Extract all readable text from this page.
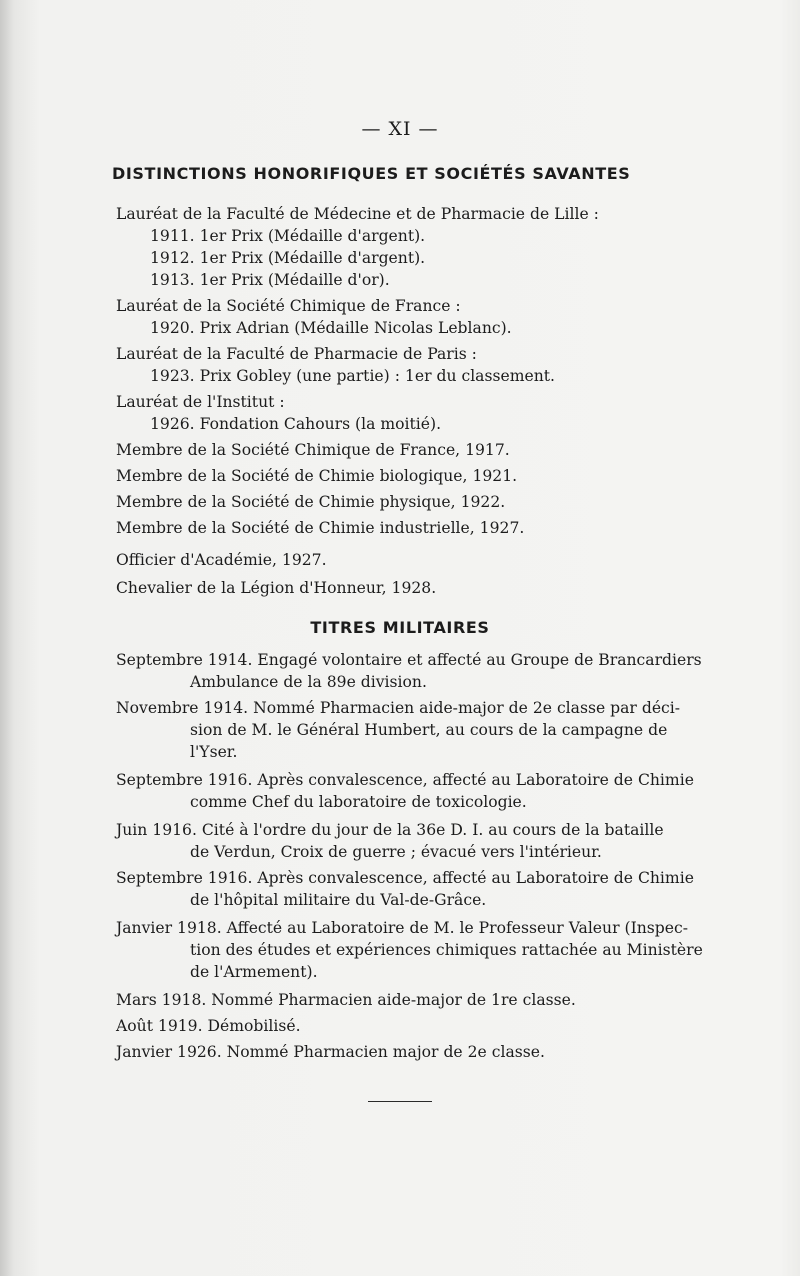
— XI —
DISTINCTIONS HONORIFIQUES ET SOCIÉTÉS SAVANTES
Lauréat de la Faculté de Médecine et de Pharmacie de Lille :
1911. 1er Prix (Médaille d'argent).
1912. 1er Prix (Médaille d'argent).
1913. 1er Prix (Médaille d'or).
Lauréat de la Société Chimique de France :
1920. Prix Adrian (Médaille Nicolas Leblanc).
Lauréat de la Faculté de Pharmacie de Paris :
1923. Prix Gobley (une partie) : 1er du classement.
Lauréat de l'Institut :
1926. Fondation Cahours (la moitié).
Membre de la Société Chimique de France, 1917.
Membre de la Société de Chimie biologique, 1921.
Membre de la Société de Chimie physique, 1922.
Membre de la Société de Chimie industrielle, 1927.
Officier d'Académie, 1927.
Chevalier de la Légion d'Honneur, 1928.
TITRES MILITAIRES
Septembre 1914. Engagé volontaire et affecté au Groupe de Brancardiers
Ambulance de la 89e division.
Novembre 1914. Nommé Pharmacien aide-major de 2e classe par déci-
sion de M. le Général Humbert, au cours de la campagne de
l'Yser.
Septembre 1916. Après convalescence, affecté au Laboratoire de Chimie
comme Chef du laboratoire de toxicologie.
Juin 1916. Cité à l'ordre du jour de la 36e D. I. au cours de la bataille
de Verdun, Croix de guerre ; évacué vers l'intérieur.
Septembre 1916. Après convalescence, affecté au Laboratoire de Chimie
de l'hôpital militaire du Val-de-Grâce.
Janvier 1918. Affecté au Laboratoire de M. le Professeur Valeur (Inspec-
tion des études et expériences chimiques rattachée au Ministère
de l'Armement).
Mars 1918. Nommé Pharmacien aide-major de 1re classe.
Août 1919. Démobilisé.
Janvier 1926. Nommé Pharmacien major de 2e classe.
